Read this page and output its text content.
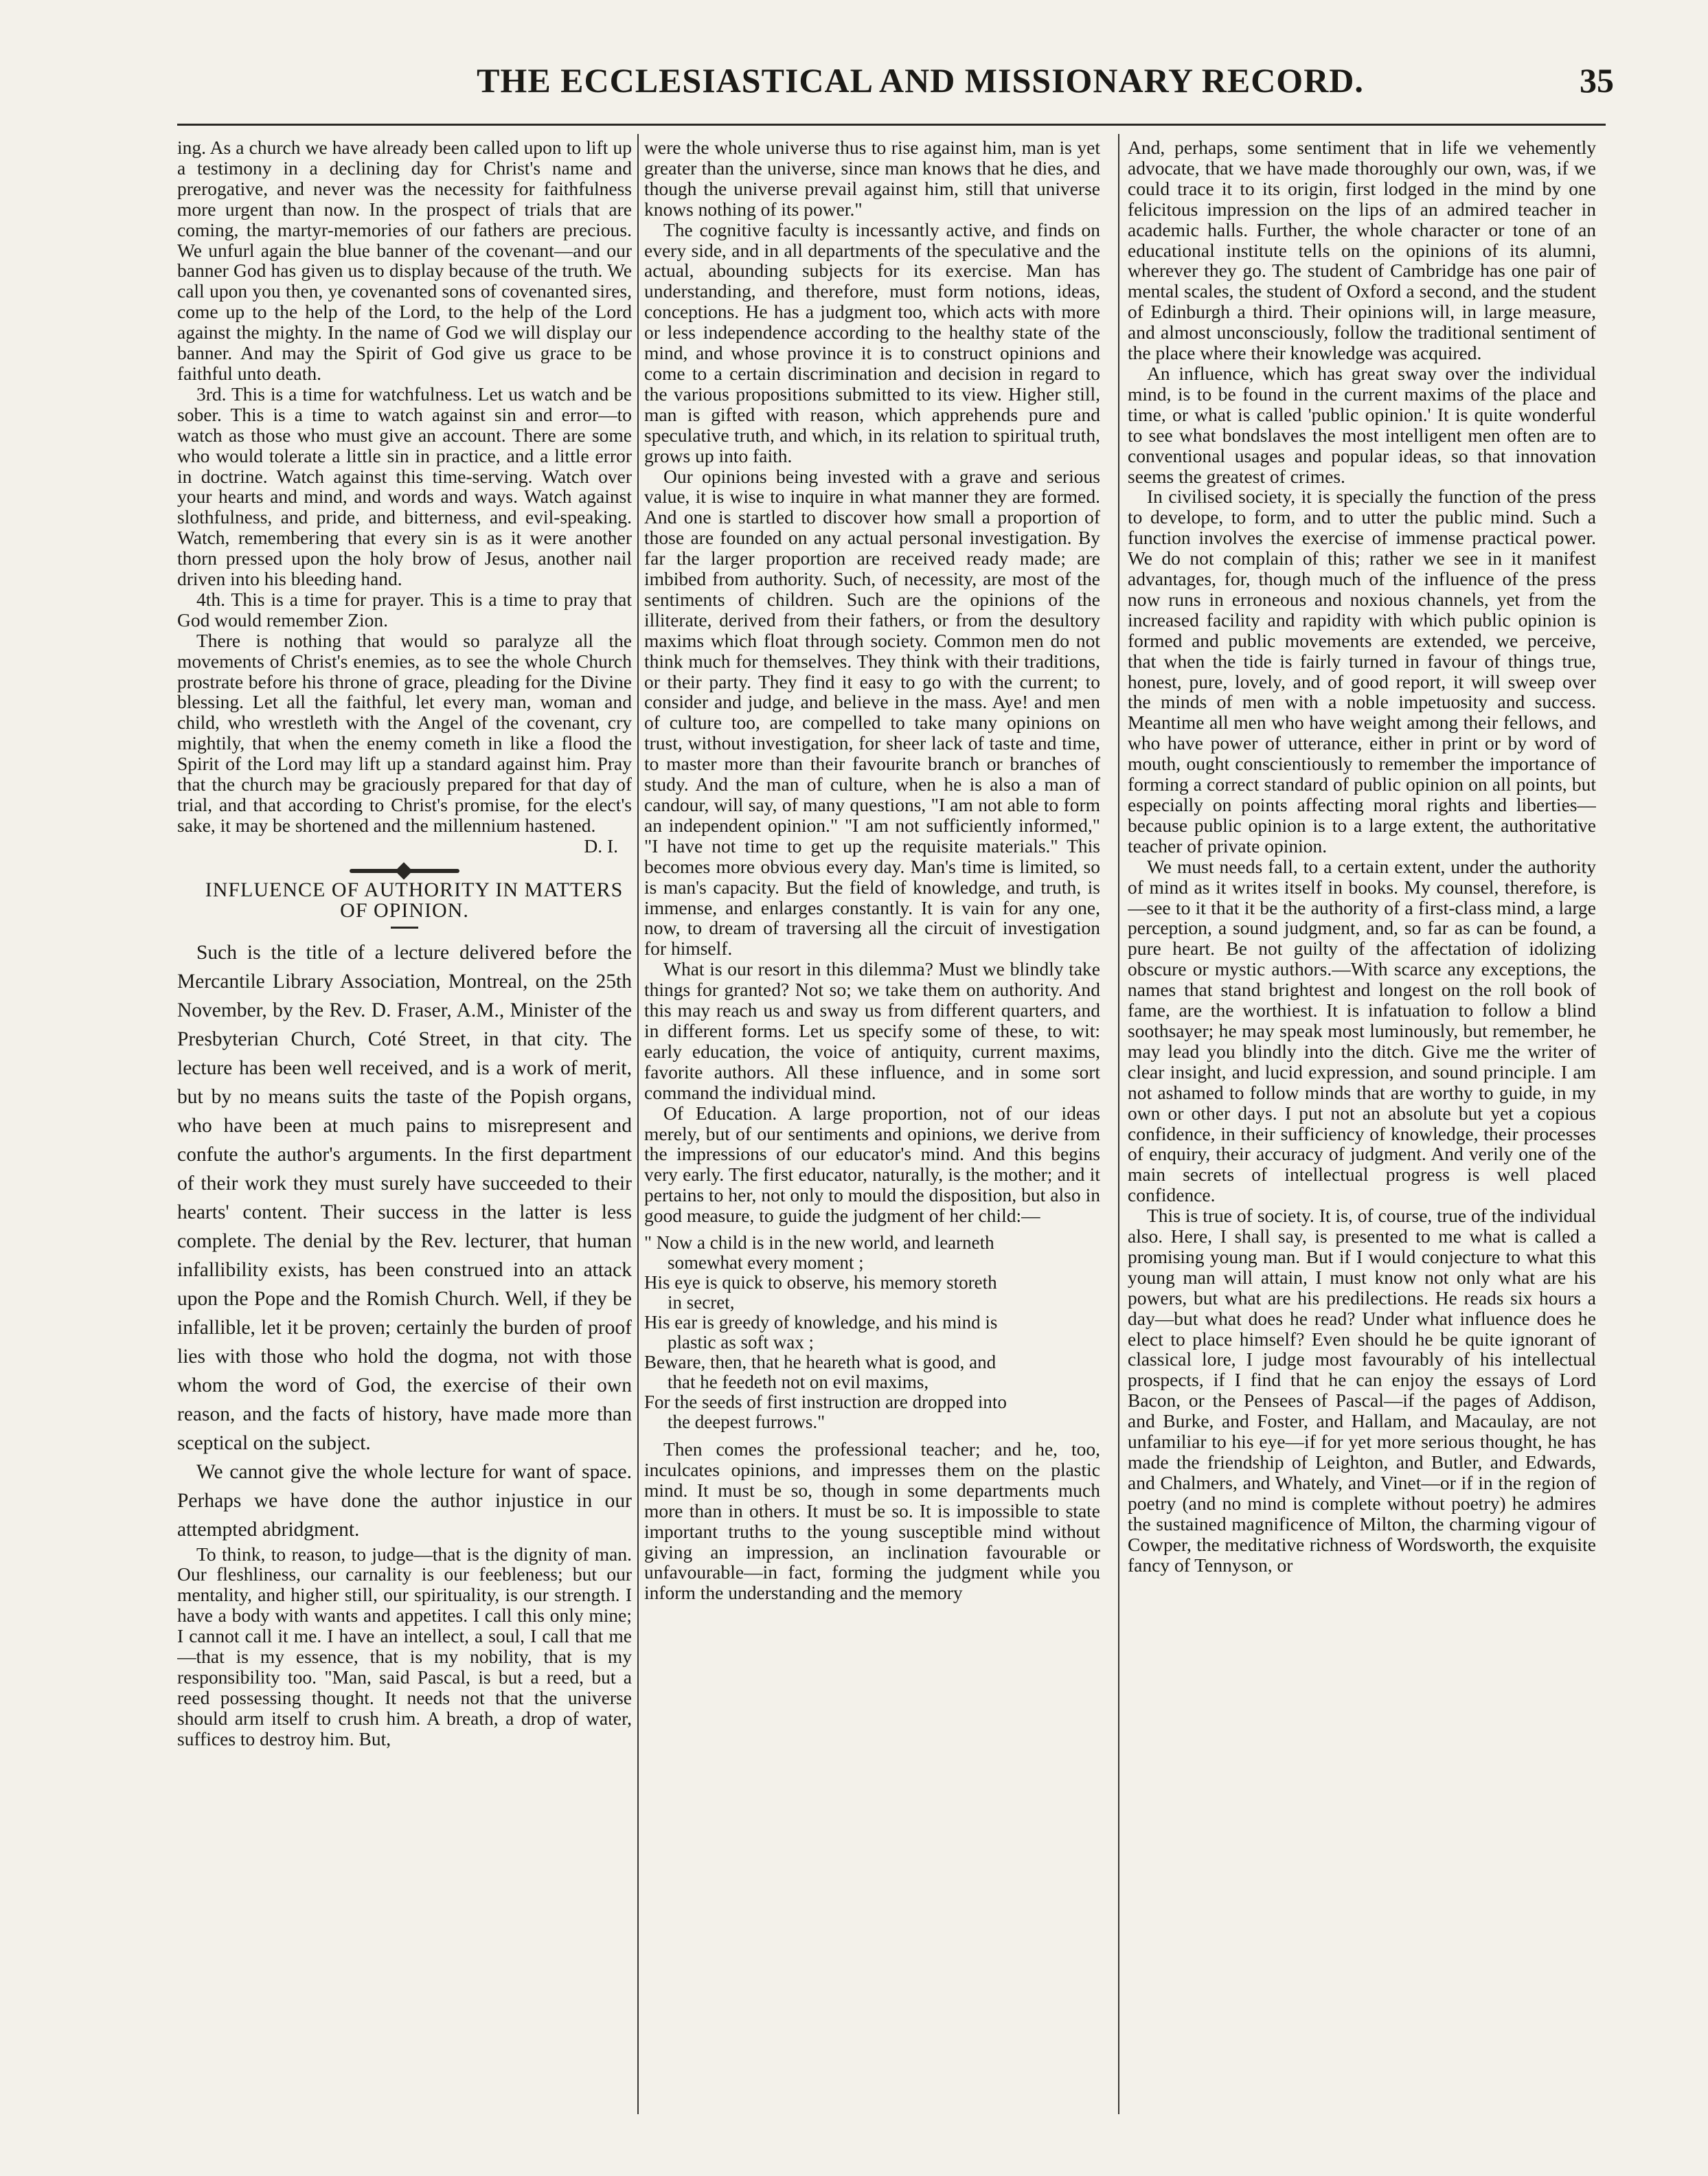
THE ECCLESIASTICAL AND MISSIONARY RECORD.	35

ing. As a church we have already been called upon to lift up a testimony in a declining day for Christ's name and prerogative, and never was the necessity for faithfulness more urgent than now. In the prospect of trials that are coming, the martyr-memories of our fathers are precious. We unfurl again the blue banner of the covenant—and our banner God has given us to display because of the truth. We call upon you then, ye covenanted sons of covenanted sires, come up to the help of the Lord, to the help of the Lord against the mighty. In the name of God we will display our banner. And may the Spirit of God give us grace to be faithful unto death.

3rd. This is a time for watchfulness. Let us watch and be sober. This is a time to watch against sin and error—to watch as those who must give an account. There are some who would tolerate a little sin in practice, and a little error in doctrine. Watch against this time-serving. Watch over your hearts and mind, and words and ways. Watch against slothfulness, and pride, and bitterness, and evil-speaking. Watch, remembering that every sin is as it were another thorn pressed upon the holy brow of Jesus, another nail driven into his bleeding hand.

4th. This is a time for prayer. This is a time to pray that God would remember Zion.

There is nothing that would so paralyze all the movements of Christ's enemies, as to see the whole Church prostrate before his throne of grace, pleading for the Divine blessing. Let all the faithful, let every man, woman and child, who wrestleth with the Angel of the covenant, cry mightily, that when the enemy cometh in like a flood the Spirit of the Lord may lift up a standard against him. Pray that the church may be graciously prepared for that day of trial, and that according to Christ's promise, for the elect's sake, it may be shortened and the millennium hastened.

D. I.

INFLUENCE OF AUTHORITY IN MATTERS OF OPINION.

Such is the title of a lecture delivered before the Mercantile Library Association, Montreal, on the 25th November, by the Rev. D. Fraser, A.M., Minister of the Presbyterian Church, Coté Street, in that city. The lecture has been well received, and is a work of merit, but by no means suits the taste of the Popish organs, who have been at much pains to misrepresent and confute the author's arguments. In the first department of their work they must surely have succeeded to their hearts' content. Their success in the latter is less complete. The denial by the Rev. lecturer, that human infallibility exists, has been construed into an attack upon the Pope and the Romish Church. Well, if they be infallible, let it be proven; certainly the burden of proof lies with those who hold the dogma, not with those whom the word of God, the exercise of their own reason, and the facts of history, have made more than sceptical on the subject.

We cannot give the whole lecture for want of space. Perhaps we have done the author injustice in our attempted abridgment.

To think, to reason, to judge—that is the dignity of man. Our fleshliness, our carnality is our feebleness; but our mentality, and higher still, our spirituality, is our strength. I have a body with wants and appetites. I call this only mine; I cannot call it me. I have an intellect, a soul, I call that me—that is my essence, that is my nobility, that is my responsibility too. "Man, said Pascal, is but a reed, but a reed possessing thought. It needs not that the universe should arm itself to crush him. A breath, a drop of water, suffices to destroy him. But,

were the whole universe thus to rise against him, man is yet greater than the universe, since man knows that he dies, and though the universe prevail against him, still that universe knows nothing of its power."

The cognitive faculty is incessantly active, and finds on every side, and in all departments of the speculative and the actual, abounding subjects for its exercise. Man has understanding, and therefore, must form notions, ideas, conceptions. He has a judgment too, which acts with more or less independence according to the healthy state of the mind, and whose province it is to construct opinions and come to a certain discrimination and decision in regard to the various propositions submitted to its view. Higher still, man is gifted with reason, which apprehends pure and speculative truth, and which, in its relation to spiritual truth, grows up into faith.

Our opinions being invested with a grave and serious value, it is wise to inquire in what manner they are formed. And one is startled to discover how small a proportion of those are founded on any actual personal investigation. By far the larger proportion are received ready made; are imbibed from authority. Such, of necessity, are most of the sentiments of children. Such are the opinions of the illiterate, derived from their fathers, or from the desultory maxims which float through society. Common men do not think much for themselves. They think with their traditions, or their party. They find it easy to go with the current; to consider and judge, and believe in the mass. Aye! and men of culture too, are compelled to take many opinions on trust, without investigation, for sheer lack of taste and time, to master more than their favourite branch or branches of study. And the man of culture, when he is also a man of candour, will say, of many questions, "I am not able to form an independent opinion." "I am not sufficiently informed," "I have not time to get up the requisite materials." This becomes more obvious every day. Man's time is limited, so is man's capacity. But the field of knowledge, and truth, is immense, and enlarges constantly. It is vain for any one, now, to dream of traversing all the circuit of investigation for himself.

What is our resort in this dilemma? Must we blindly take things for granted? Not so; we take them on authority. And this may reach us and sway us from different quarters, and in different forms. Let us specify some of these, to wit: early education, the voice of antiquity, current maxims, favorite authors. All these influence, and in some sort command the individual mind.

Of Education. A large proportion, not of our ideas merely, but of our sentiments and opinions, we derive from the impressions of our educator's mind. And this begins very early. The first educator, naturally, is the mother; and it pertains to her, not only to mould the disposition, but also in good measure, to guide the judgment of her child:—

" Now a child is in the new world, and learneth
somewhat every moment ;
His eye is quick to observe, his memory storeth
in secret,
His ear is greedy of knowledge, and his mind is
plastic as soft wax ;
Beware, then, that he heareth what is good, and
that he feedeth not on evil maxims,
For the seeds of first instruction are dropped into
the deepest furrows."

Then comes the professional teacher; and he, too, inculcates opinions, and impresses them on the plastic mind. It must be so, though in some departments much more than in others. It must be so. It is impossible to state important truths to the young susceptible mind without giving an impression, an inclination favourable or unfavourable—in fact, forming the judgment while you inform the understanding and the memory

And, perhaps, some sentiment that in life we vehemently advocate, that we have made thoroughly our own, was, if we could trace it to its origin, first lodged in the mind by one felicitous impression on the lips of an admired teacher in academic halls. Further, the whole character or tone of an educational institute tells on the opinions of its alumni, wherever they go. The student of Cambridge has one pair of mental scales, the student of Oxford a second, and the student of Edinburgh a third. Their opinions will, in large measure, and almost unconsciously, follow the traditional sentiment of the place where their knowledge was acquired.

An influence, which has great sway over the individual mind, is to be found in the current maxims of the place and time, or what is called 'public opinion.' It is quite wonderful to see what bondslaves the most intelligent men often are to conventional usages and popular ideas, so that innovation seems the greatest of crimes.

In civilised society, it is specially the function of the press to develope, to form, and to utter the public mind. Such a function involves the exercise of immense practical power. We do not complain of this; rather we see in it manifest advantages, for, though much of the influence of the press now runs in erroneous and noxious channels, yet from the increased facility and rapidity with which public opinion is formed and public movements are extended, we perceive, that when the tide is fairly turned in favour of things true, honest, pure, lovely, and of good report, it will sweep over the minds of men with a noble impetuosity and success. Meantime all men who have weight among their fellows, and who have power of utterance, either in print or by word of mouth, ought conscientiously to remember the importance of forming a correct standard of public opinion on all points, but especially on points affecting moral rights and liberties—because public opinion is to a large extent, the authoritative teacher of private opinion.

We must needs fall, to a certain extent, under the authority of mind as it writes itself in books. My counsel, therefore, is—see to it that it be the authority of a first-class mind, a large perception, a sound judgment, and, so far as can be found, a pure heart. Be not guilty of the affectation of idolizing obscure or mystic authors.—With scarce any exceptions, the names that stand brightest and longest on the roll book of fame, are the worthiest. It is infatuation to follow a blind soothsayer; he may speak most luminously, but remember, he may lead you blindly into the ditch. Give me the writer of clear insight, and lucid expression, and sound principle. I am not ashamed to follow minds that are worthy to guide, in my own or other days. I put not an absolute but yet a copious confidence, in their sufficiency of knowledge, their processes of enquiry, their accuracy of judgment. And verily one of the main secrets of intellectual progress is well placed confidence.

This is true of society. It is, of course, true of the individual also. Here, I shall say, is presented to me what is called a promising young man. But if I would conjecture to what this young man will attain, I must know not only what are his powers, but what are his predilections. He reads six hours a day—but what does he read? Under what influence does he elect to place himself? Even should he be quite ignorant of classical lore, I judge most favourably of his intellectual prospects, if I find that he can enjoy the essays of Lord Bacon, or the Pensees of Pascal—if the pages of Addison, and Burke, and Foster, and Hallam, and Macaulay, are not unfamiliar to his eye—if for yet more serious thought, he has made the friendship of Leighton, and Butler, and Edwards, and Chalmers, and Whately, and Vinet—or if in the region of poetry (and no mind is complete without poetry) he admires the sustained magnificence of Milton, the charming vigour of Cowper, the meditative richness of Wordsworth, the exquisite fancy of Tennyson, or
